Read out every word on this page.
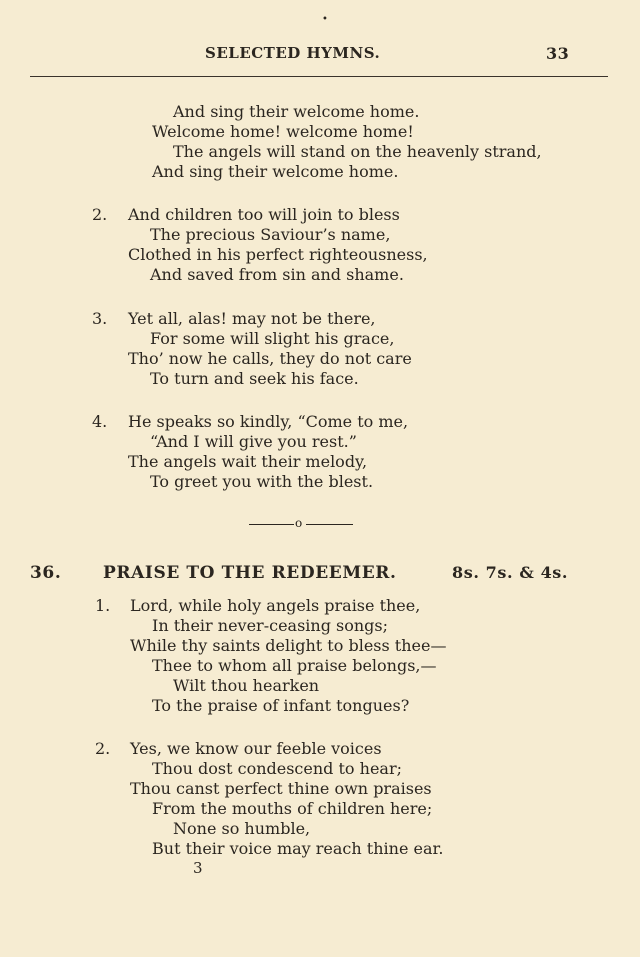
•
SELECTED HYMNS.	33
And sing their welcome home.
Welcome home! welcome home!
The angels will stand on the heavenly strand,
And sing their welcome home.
2. And children too will join to bless
The precious Saviour’s name,
Clothed in his perfect righteousness,
And saved from sin and shame.
3. Yet all, alas! may not be there,
For some will slight his grace,
Tho’ now he calls, they do not care
To turn and seek his face.
4. He speaks so kindly, “Come to me,
“And I will give you rest.”
The angels wait their melody,
To greet you with the blest.
o
36. PRAISE TO THE REDEEMER.	8s. 7s. & 4s.
1. Lord, while holy angels praise thee,
In their never-ceasing songs;
While thy saints delight to bless thee—
Thee to whom all praise belongs,—
Wilt thou hearken
To the praise of infant tongues?
2. Yes, we know our feeble voices
Thou dost condescend to hear;
Thou canst perfect thine own praises
From the mouths of children here;
None so humble,
But their voice may reach thine ear.
3
